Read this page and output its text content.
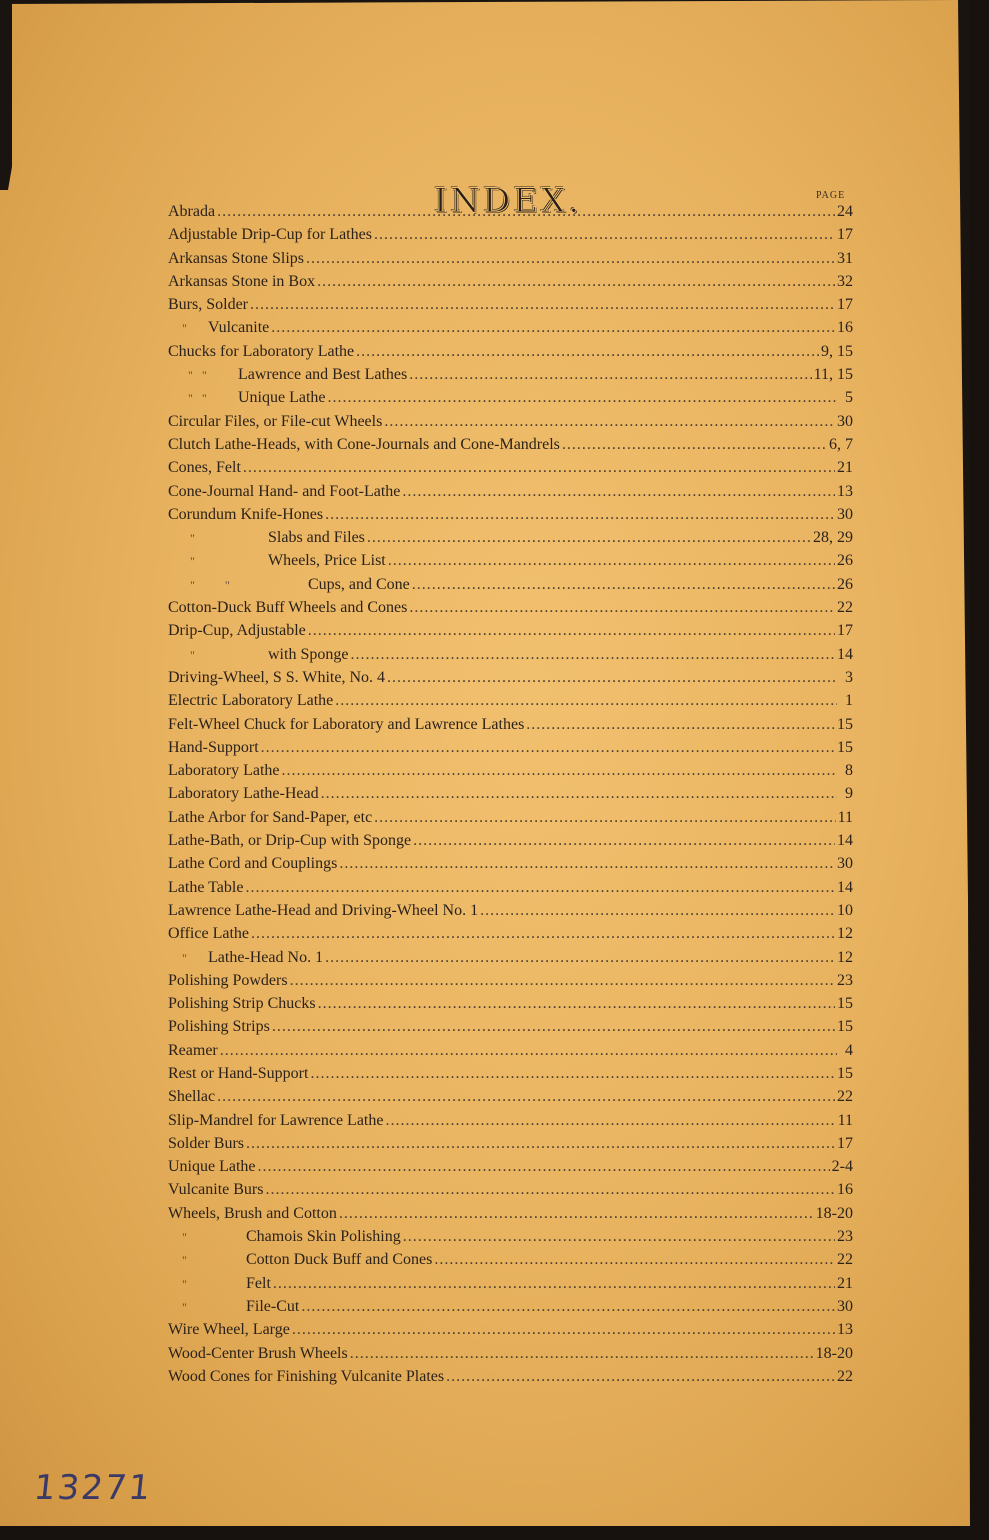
INDEX.	PAGE
Abrada .....	24
Adjustable Drip-Cup for Lathes .....	17
Arkansas Stone Slips .....	31
Arkansas Stone in Box .....	32
Burs, Solder .....	17
"	Vulcanite .....	16
Chucks for Laboratory Lathe .....	9, 15
"   "	Lawrence and Best Lathes .....	11, 15
"   "	Unique Lathe .....	5
Circular Files, or File-cut Wheels .....	30
Clutch Lathe-Heads, with Cone-Journals and Cone-Mandrels .....	6, 7
Cones, Felt .....	21
Cone-Journal Hand- and Foot-Lathe .....	13
Corundum Knife-Hones .....	30
"	Slabs and Files .....	28, 29
"	Wheels, Price List .....	26
"          "	Cups, and Cone .....	26
Cotton-Duck Buff Wheels and Cones .....	22
Drip-Cup, Adjustable .....	17
"	with Sponge .....	14
Driving-Wheel, S S. White, No. 4 .....	3
Electric Laboratory Lathe .....	1
Felt-Wheel Chuck for Laboratory and Lawrence Lathes .....	15
Hand-Support .....	15
Laboratory Lathe .....	8
Laboratory Lathe-Head .....	9
Lathe Arbor for Sand-Paper, etc .....	11
Lathe-Bath, or Drip-Cup with Sponge .....	14
Lathe Cord and Couplings .....	30
Lathe Table .....	14
Lawrence Lathe-Head and Driving-Wheel No. 1 .....	10
Office Lathe .....	12
"	Lathe-Head No. 1 .....	12
Polishing Powders .....	23
Polishing Strip Chucks .....	15
Polishing Strips .....	15
Reamer .....	4
Rest or Hand-Support .....	15
Shellac .....	22
Slip-Mandrel for Lawrence Lathe .....	11
Solder Burs .....	17
Unique Lathe .....	2-4
Vulcanite Burs .....	16
Wheels, Brush and Cotton .....	18-20
"	Chamois Skin Polishing .....	23
"	Cotton Duck Buff and Cones .....	22
"	Felt .....	21
"	File-Cut .....	30
Wire Wheel, Large .....	13
Wood-Center Brush Wheels .....	18-20
Wood Cones for Finishing Vulcanite Plates .....	22
13271
